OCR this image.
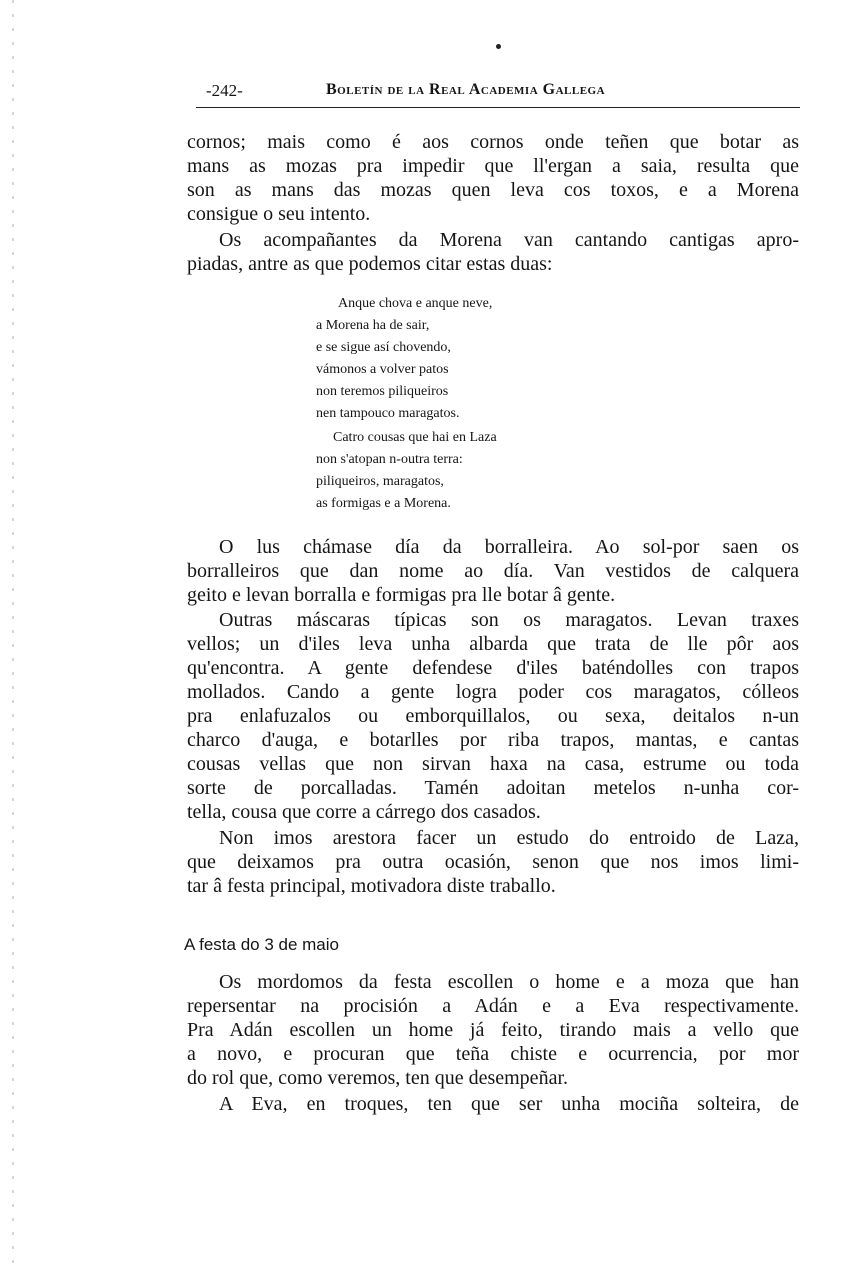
-242-	Boletín de la Real Academia Gallega
cornos; mais como é aos cornos onde teñen que botar as
mans as mozas pra impedir que ll'ergan a saia, resulta que
son as mans das mozas quen leva cos toxos, e a Morena
consigue o seu intento.
Os acompañantes da Morena van cantando cantigas apro-
piadas, antre as que podemos citar estas duas:
Anque chova e anque neve,
a Morena ha de sair,
e se sigue así chovendo,
vámonos a volver patos
non teremos piliqueiros
nen tampouco maragatos.
Catro cousas que hai en Laza
non s'atopan n-outra terra:
piliqueiros, maragatos,
as formigas e a Morena.
O lus chámase día da borralleira. Ao sol-por saen os
borralleiros que dan nome ao día. Van vestidos de calquera
geito e levan borralla e formigas pra lle botar â gente.
Outras máscaras típicas son os maragatos. Levan traxes
vellos; un d'iles leva unha albarda que trata de lle pôr aos
qu'encontra. A gente defendese d'iles baténdolles con trapos
mollados. Cando a gente logra poder cos maragatos, cólleos
pra enlafuzalos ou emborquillalos, ou sexa, deitalos n-un
charco d'auga, e botarlles por riba trapos, mantas, e cantas
cousas vellas que non sirvan haxa na casa, estrume ou toda
sorte de porcalladas. Tamén adoitan metelos n-unha cor-
tella, cousa que corre a cárrego dos casados.
Non imos arestora facer un estudo do entroido de Laza,
que deixamos pra outra ocasión, senon que nos imos limi-
tar â festa principal, motivadora diste traballo.
A festa do 3 de maio
Os mordomos da festa escollen o home e a moza que han
repersentar na procisión a Adán e a Eva respectivamente.
Pra Adán escollen un home já feito, tirando mais a vello que
a novo, e procuran que teña chiste e ocurrencia, por mor
do rol que, como veremos, ten que desempeñar.
A Eva, en troques, ten que ser unha mociña solteira, de
